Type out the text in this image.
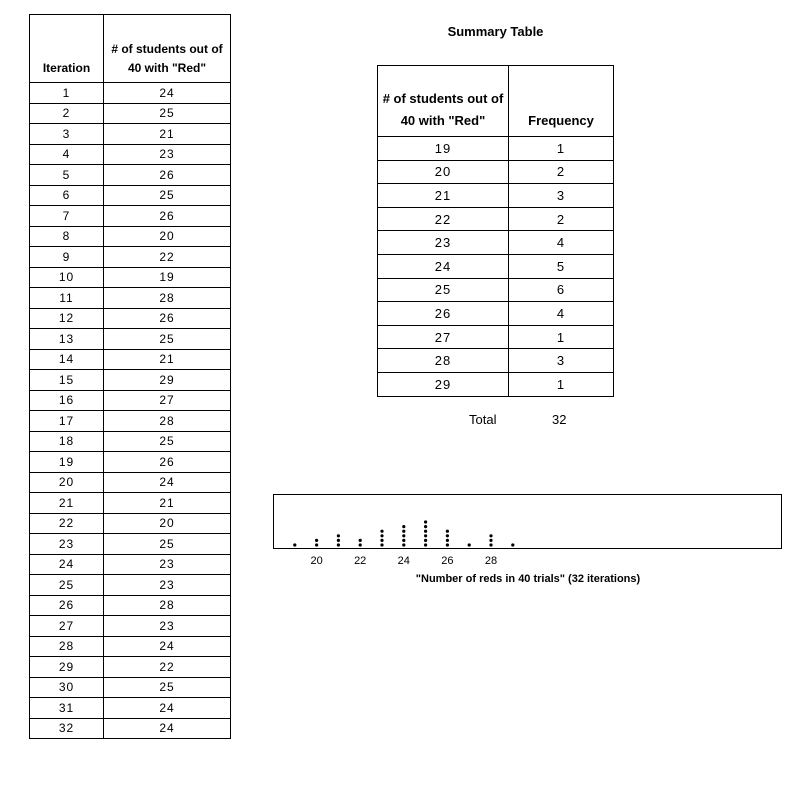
Iteration	# of students out of 40 with "Red"
1	24
2	25
3	21
4	23
5	26
6	25
7	26
8	20
9	22
10	19
11	28
12	26
13	25
14	21
15	29
16	27
17	28
18	25
19	26
20	24
21	21
22	20
23	25
24	23
25	23
26	28
27	23
28	24
29	22
30	25
31	24
32	24
Summary Table
# of students out of 40 with "Red"	Frequency
19	1
20	2
21	3
22	2
23	4
24	5
25	6
26	4
27	1
28	3
29	1
Total	32
20	22	24	26	28
"Number of reds in 40 trials" (32 iterations)
